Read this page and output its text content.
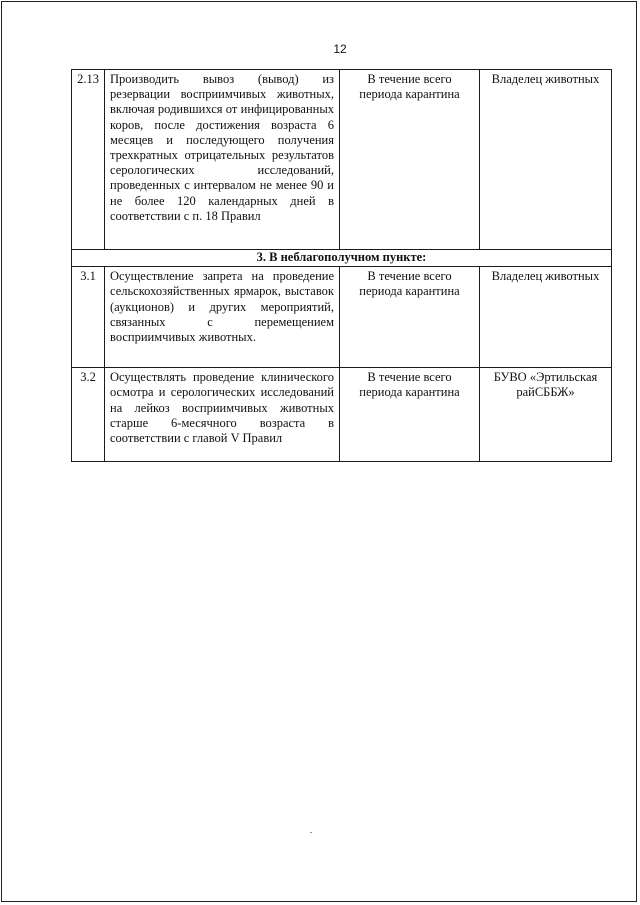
12
2.13	Производить вывоз (вывод) из резервации восприимчивых животных, включая родившихся от инфицированных коров, после достижения возраста 6 месяцев и последующего получения трехкратных отрицательных результатов серологических исследований, проведенных с интервалом не менее 90 и не более 120 календарных дней в соответствии с п. 18 Правил	В течение всего периода карантина	Владелец животных
3. В неблагополучном пункте:			
3.1	Осуществление запрета на проведение сельскохозяйственных ярмарок, выставок (аукционов) и других мероприятий, связанных с перемещением восприимчивых животных.	В течение всего периода карантина	Владелец животных
3.2	Осуществлять проведение клинического осмотра и серологических исследований на лейкоз восприимчивых животных старше 6-месячного возраста в соответствии с главой V Правил	В течение всего периода карантина	БУВО «Эртильская райСББЖ»
